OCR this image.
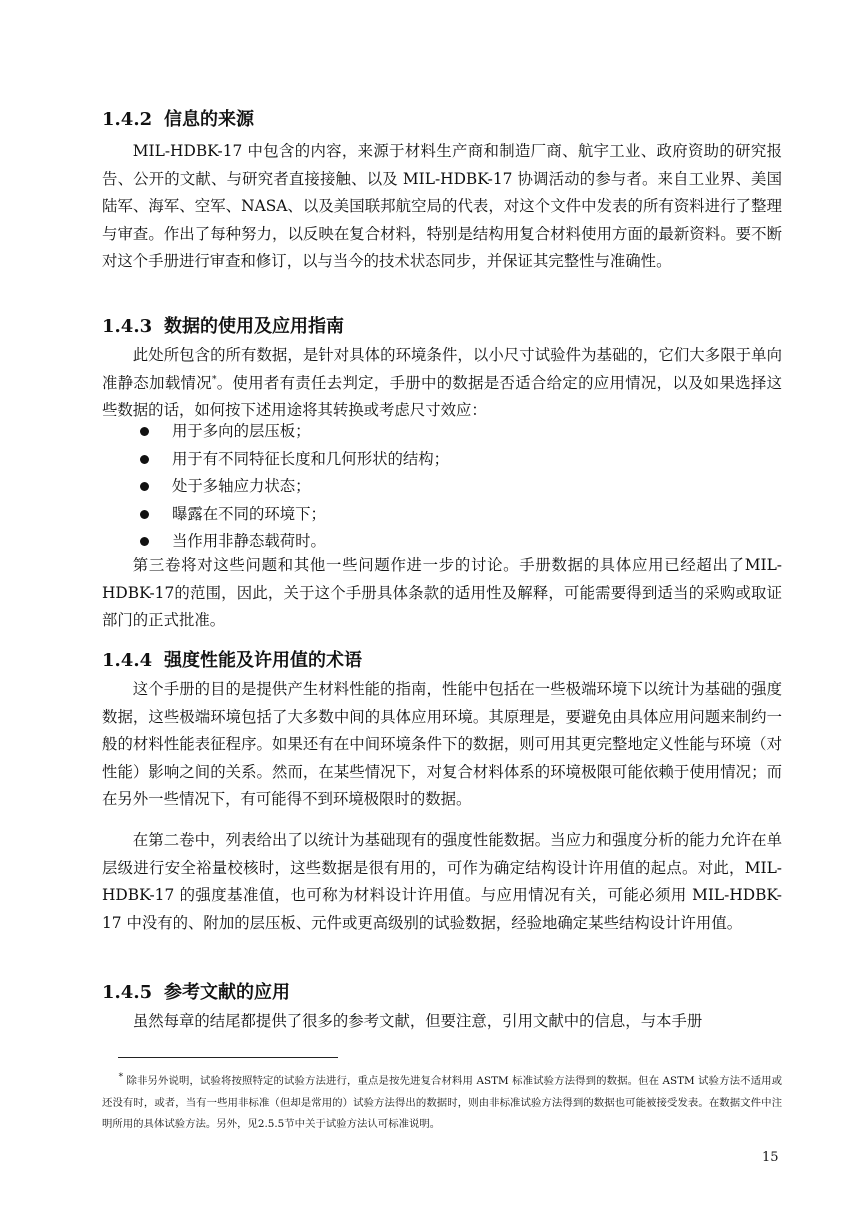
1.4.2 信息的来源

MIL-HDBK-17 中包含的内容，来源于材料生产商和制造厂商、航宇工业、政府资助的研究报告、公开的文献、与研究者直接接触、以及 MIL-HDBK-17 协调活动的参与者。来自工业界、美国陆军、海军、空军、NASA、以及美国联邦航空局的代表，对这个文件中发表的所有资料进行了整理与审查。作出了每种努力，以反映在复合材料，特别是结构用复合材料使用方面的最新资料。要不断对这个手册进行审查和修订，以与当今的技术状态同步，并保证其完整性与准确性。

1.4.3 数据的使用及应用指南

此处所包含的所有数据，是针对具体的环境条件，以小尺寸试验件为基础的，它们大多限于单向准静态加载情况*。使用者有责任去判定，手册中的数据是否适合给定的应用情况，以及如果选择这些数据的话，如何按下述用途将其转换或考虑尺寸效应：

用于多向的层压板；
用于有不同特征长度和几何形状的结构；
处于多轴应力状态；
曝露在不同的环境下；
当作用非静态载荷时。

第三卷将对这些问题和其他一些问题作进一步的讨论。手册数据的具体应用已经超出了MIL-HDBK-17的范围，因此，关于这个手册具体条款的适用性及解释，可能需要得到适当的采购或取证部门的正式批准。

1.4.4 强度性能及许用值的术语

这个手册的目的是提供产生材料性能的指南，性能中包括在一些极端环境下以统计为基础的强度数据，这些极端环境包括了大多数中间的具体应用环境。其原理是，要避免由具体应用问题来制约一般的材料性能表征程序。如果还有在中间环境条件下的数据，则可用其更完整地定义性能与环境（对性能）影响之间的关系。然而，在某些情况下，对复合材料体系的环境极限可能依赖于使用情况；而在另外一些情况下，有可能得不到环境极限时的数据。

在第二卷中，列表给出了以统计为基础现有的强度性能数据。当应力和强度分析的能力允许在单层级进行安全裕量校核时，这些数据是很有用的，可作为确定结构设计许用值的起点。对此，MIL-HDBK-17 的强度基准值，也可称为材料设计许用值。与应用情况有关，可能必须用 MIL-HDBK-17 中没有的、附加的层压板、元件或更高级别的试验数据，经验地确定某些结构设计许用值。

1.4.5 参考文献的应用

虽然每章的结尾都提供了很多的参考文献，但要注意，引用文献中的信息，与本手册

* 除非另外说明，试验将按照特定的试验方法进行，重点是按先进复合材料用 ASTM 标准试验方法得到的数据。但在 ASTM 试验方法不适用或还没有时，或者，当有一些用非标准（但却是常用的）试验方法得出的数据时，则由非标准试验方法得到的数据也可能被接受发表。在数据文件中注明所用的具体试验方法。另外，见2.5.5节中关于试验方法认可标准说明。

15
